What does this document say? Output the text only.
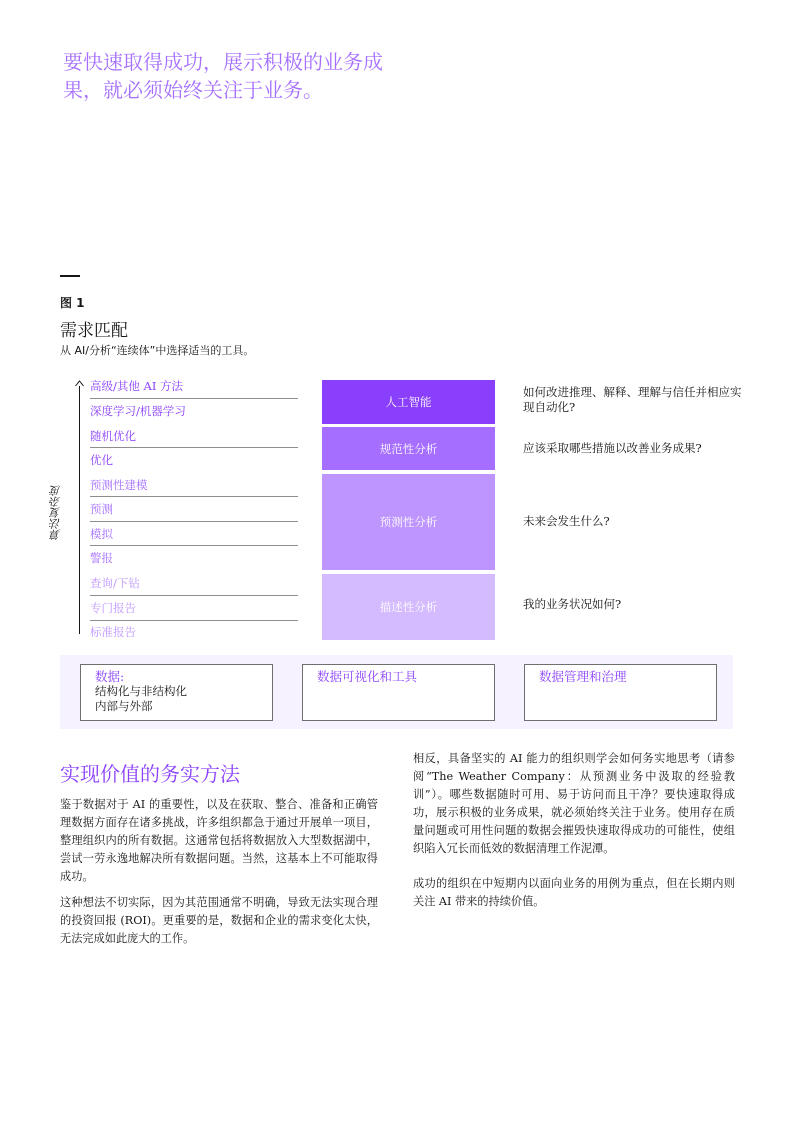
要快速取得成功，展示积极的业务成果，就必须始终关注于业务。
图 1
需求匹配
从 AI/分析“连续体”中选择适当的工具。
算法复杂度
高级/其他 AI 方法
深度学习/机器学习
随机优化
优化
预测性建模
预测
模拟
警报
查询/下钻
专门报告
标准报告
人工智能
规范性分析
预测性分析
描述性分析
如何改进推理、解释、理解与信任并相应实现自动化?
应该采取哪些措施以改善业务成果?
未来会发生什么?
我的业务状况如何?
数据:
结构化与非结构化
内部与外部
数据可视化和工具	数据管理和治理
实现价值的务实方法
鉴于数据对于 AI 的重要性，以及在获取、整合、准备和正确管理数据方面存在诸多挑战，许多组织都急于通过开展单一项目，整理组织内的所有数据。这通常包括将数据放入大型数据湖中，尝试一劳永逸地解决所有数据问题。当然，这基本上不可能取得成功。
这种想法不切实际，因为其范围通常不明确，导致无法实现合理的投资回报 (ROI)。更重要的是，数据和企业的需求变化太快，无法完成如此庞大的工作。
相反，具备坚实的 AI 能力的组织则学会如何务实地思考（请参阅“The Weather Company：从预测业务中汲取的经验教训”）。哪些数据随时可用、易于访问而且干净？要快速取得成功，展示积极的业务成果，就必须始终关注于业务。使用存在质量问题或可用性问题的数据会摧毁快速取得成功的可能性，使组织陷入冗长而低效的数据清理工作泥潭。
成功的组织在中短期内以面向业务的用例为重点，但在长期内则关注 AI 带来的持续价值。
